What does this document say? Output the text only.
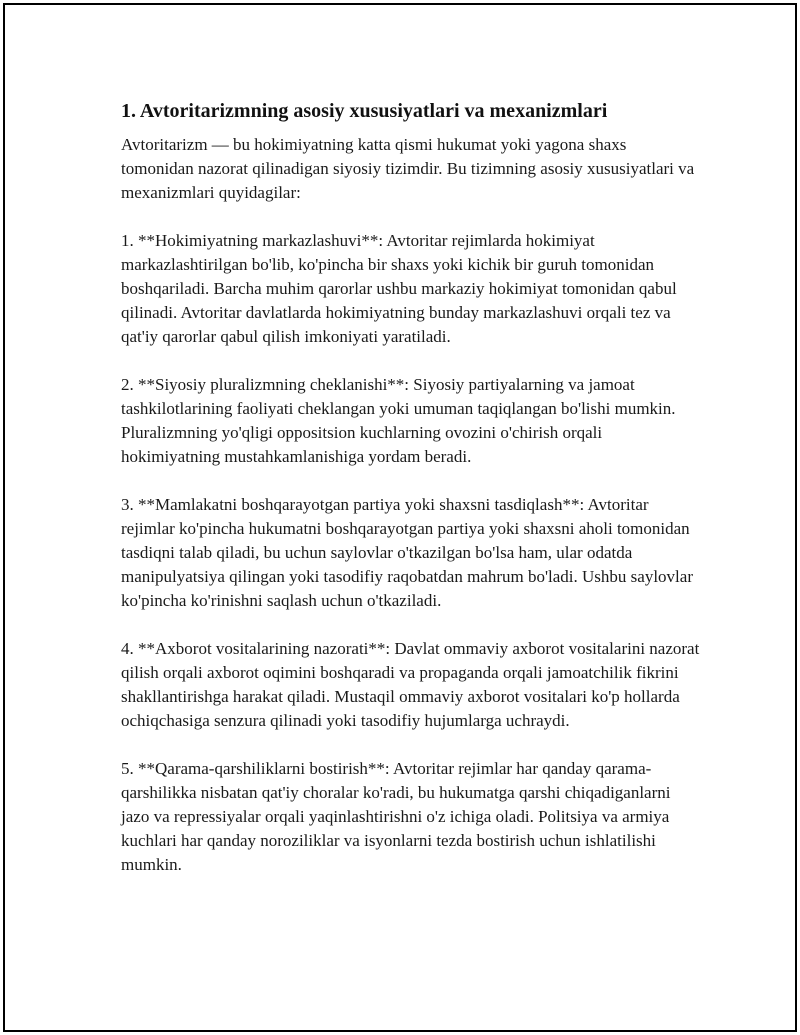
1. Avtoritarizmning asosiy xususiyatlari va mexanizmlari

Avtoritarizm — bu hokimiyatning katta qismi hukumat yoki yagona shaxs tomonidan nazorat qilinadigan siyosiy tizimdir. Bu tizimning asosiy xususiyatlari va mexanizmlari quyidagilar:

1. **Hokimiyatning markazlashuvi**: Avtoritar rejimlarda hokimiyat markazlashtirilgan bo'lib, ko'pincha bir shaxs yoki kichik bir guruh tomonidan boshqariladi. Barcha muhim qarorlar ushbu markaziy hokimiyat tomonidan qabul qilinadi. Avtoritar davlatlarda hokimiyatning bunday markazlashuvi orqali tez va qat'iy qarorlar qabul qilish imkoniyati yaratiladi.

2. **Siyosiy pluralizmning cheklanishi**: Siyosiy partiyalarning va jamoat tashkilotlarining faoliyati cheklangan yoki umuman taqiqlangan bo'lishi mumkin. Pluralizmning yo'qligi oppositsion kuchlarning ovozini o'chirish orqali hokimiyatning mustahkamlanishiga yordam beradi.

3. **Mamlakatni boshqarayotgan partiya yoki shaxsni tasdiqlash**: Avtoritar rejimlar ko'pincha hukumatni boshqarayotgan partiya yoki shaxsni aholi tomonidan tasdiqni talab qiladi, bu uchun saylovlar o'tkazilgan bo'lsa ham, ular odatda manipulyatsiya qilingan yoki tasodifiy raqobatdan mahrum bo'ladi. Ushbu saylovlar ko'pincha ko'rinishni saqlash uchun o'tkaziladi.

4. **Axborot vositalarining nazorati**: Davlat ommaviy axborot vositalarini nazorat qilish orqali axborot oqimini boshqaradi va propaganda orqali jamoatchilik fikrini shakllantirishga harakat qiladi. Mustaqil ommaviy axborot vositalari ko'p hollarda ochiqchasiga senzura qilinadi yoki tasodifiy hujumlarga uchraydi.

5. **Qarama-qarshiliklarni bostirish**: Avtoritar rejimlar har qanday qarama-qarshilikka nisbatan qat'iy choralar ko'radi, bu hukumatga qarshi chiqadiganlarni jazo va repressiyalar orqali yaqinlashtirishni o'z ichiga oladi. Politsiya va armiya kuchlari har qanday noroziliklar va isyonlarni tezda bostirish uchun ishlatilishi mumkin.
